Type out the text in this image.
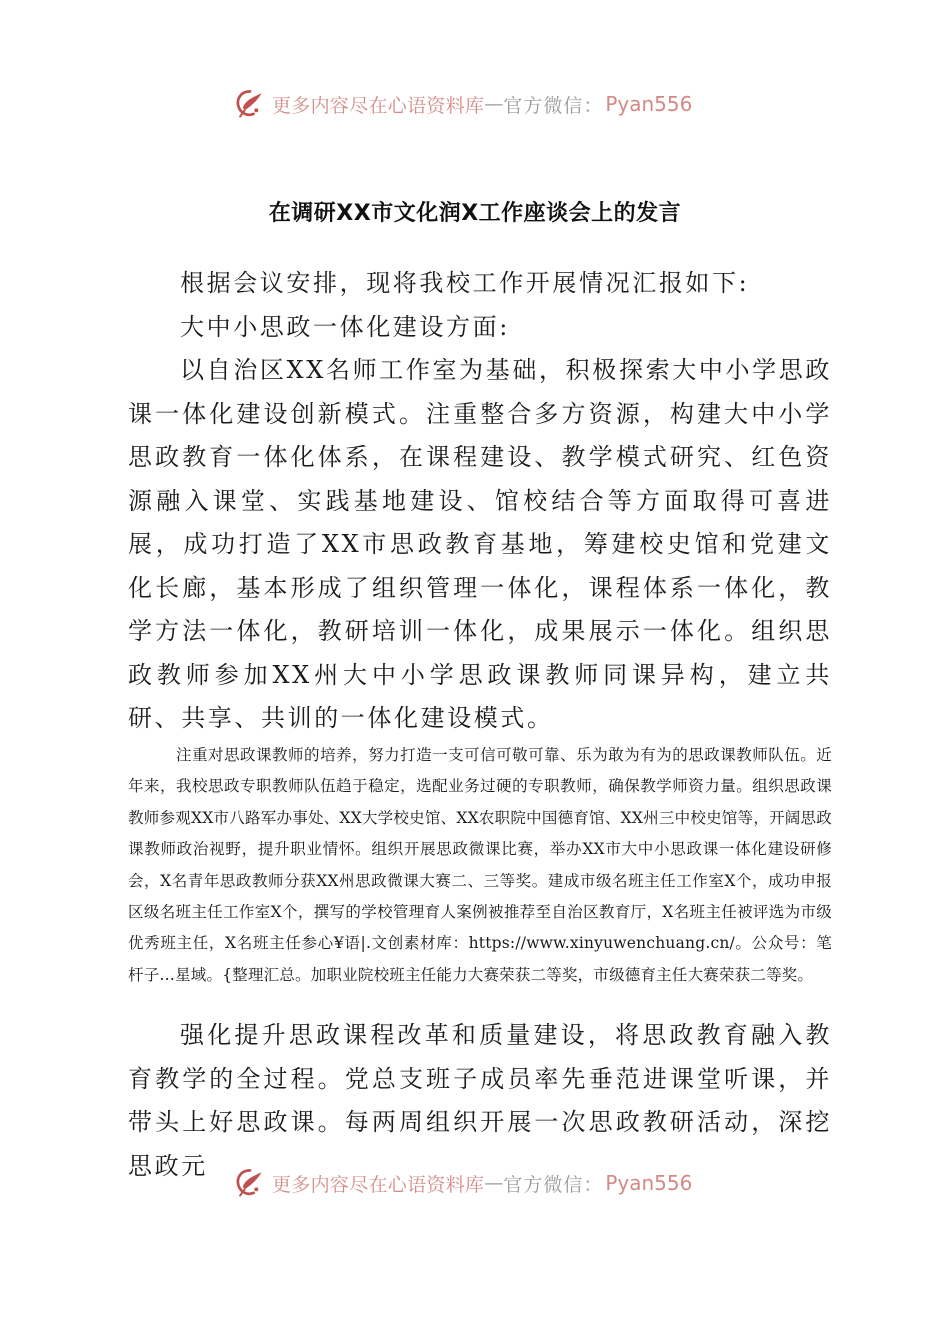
更多内容尽在心语资料库 — 官方微信： Pyan556
在调研XX市文化润X工作座谈会上的发言

根据会议安排，现将我校工作开展情况汇报如下:

大中小思政一体化建设方面:

以自治区XX名师工作室为基础，积极探索大中小学思政课一体化建设创新模式。注重整合多方资源，构建大中小学思政教育一体化体系，在课程建设、教学模式研究、红色资源融入课堂、实践基地建设、馆校结合等方面取得可喜进展，成功打造了XX市思政教育基地，筹建校史馆和党建文化长廊，基本形成了组织管理一体化，课程体系一体化，教学方法一体化，教研培训一体化，成果展示一体化。组织思政教师参加XX州大中小学思政课教师同课异构，建立共研、共享、共训的一体化建设模式。

注重对思政课教师的培养，努力打造一支可信可敬可靠、乐为敢为有为的思政课教师队伍。近年来，我校思政专职教师队伍趋于稳定，选配业务过硬的专职教师，确保教学师资力量。组织思政课教师参观XX市八路军办事处、XX大学校史馆、XX农职院中国德育馆、XX州三中校史馆等，开阔思政课教师政治视野，提升职业情怀。组织开展思政微课比赛，举办XX市大中小思政课一体化建设研修会，X名青年思政教师分获XX州思政微课大赛二、三等奖。建成市级名班主任工作室X个，成功申报区级名班主任工作室X个，撰写的学校管理育人案例被推荐至自治区教育厅，X名班主任被评选为市级优秀班主任，X名班主任参心¥语|.文创素材库：https://www.xinyuwenchuang.cn/。公众号：笔杆子…星域。{整理汇总。加职业院校班主任能力大赛荣获二等奖，市级德育主任大赛荣获二等奖。

强化提升思政课程改革和质量建设，将思政教育融入教育教学的全过程。党总支班子成员率先垂范进课堂听课，并带头上好思政课。每两周组织开展一次思政教研活动，深挖思政元

更多内容尽在心语资料库 — 官方微信： Pyan556
